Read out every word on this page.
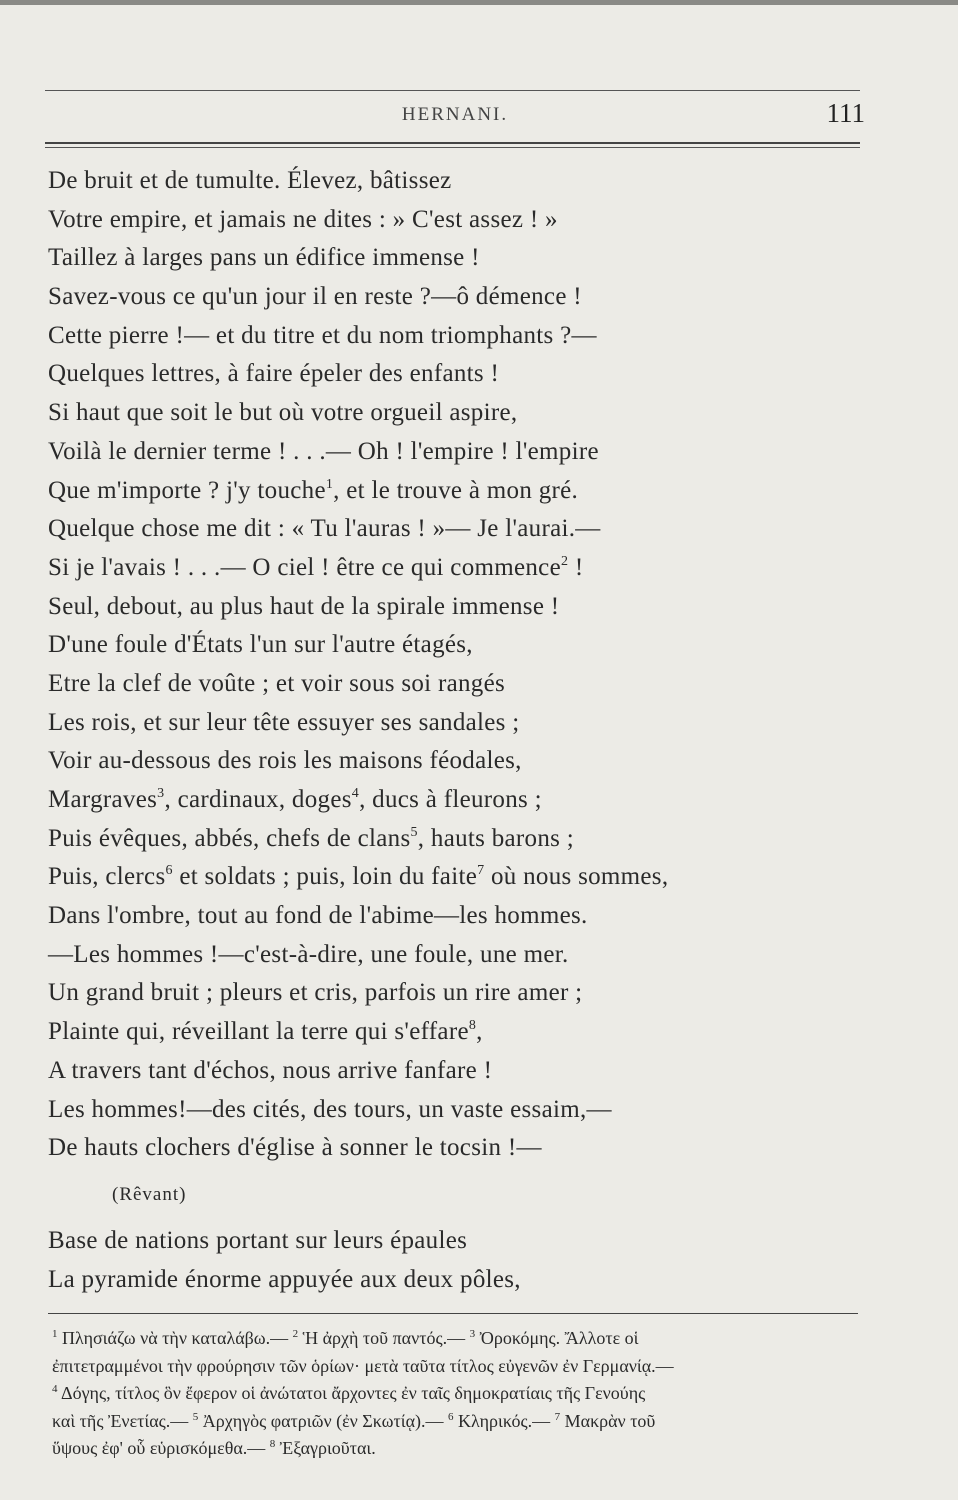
HERNANI.	111
De bruit et de tumulte. Élevez, bâtissez
Votre empire, et jamais ne dites : » C'est assez ! »
Taillez à larges pans un édifice immense !
Savez-vous ce qu'un jour il en reste ?—ô démence !
Cette pierre !— et du titre et du nom triomphants ?—
Quelques lettres, à faire épeler des enfants !
Si haut que soit le but où votre orgueil aspire,
Voilà le dernier terme ! . . .— Oh ! l'empire ! l'empire
Que m'importe ? j'y touche$^1$, et le trouve à mon gré.
Quelque chose me dit : « Tu l'auras ! »— Je l'aurai.—
Si je l'avais ! . . .— O ciel ! être ce qui commence$^2$ !
Seul, debout, au plus haut de la spirale immense !
D'une foule d'États l'un sur l'autre étagés,
Etre la clef de voûte ; et voir sous soi rangés
Les rois, et sur leur tête essuyer ses sandales ;
Voir au-dessous des rois les maisons féodales,
Margraves$^3$, cardinaux, doges$^4$, ducs à fleurons ;
Puis évêques, abbés, chefs de clans$^5$, hauts barons ;
Puis, clercs$^6$ et soldats ; puis, loin du faite$^7$ où nous sommes,
Dans l'ombre, tout au fond de l'abime—les hommes.
—Les hommes !—c'est-à-dire, une foule, une mer.
Un grand bruit ; pleurs et cris, parfois un rire amer ;
Plainte qui, réveillant la terre qui s'effare$^8$,
A travers tant d'échos, nous arrive fanfare !
Les hommes!—des cités, des tours, un vaste essaim,—
De hauts clochers d'église à sonner le tocsin !—
(Rêvant)
Base de nations portant sur leurs épaules
La pyramide énorme appuyée aux deux pôles,
$^1$ Πλησιάζω νὰ τὴν καταλάβω.— $^2$ Ἡ ἀρχὴ τοῦ παντός.— $^3$ Ὀροκόμης. Ἄλλοτε οἱ
ἐπιτετραμμένοι τὴν φρούρησιν τῶν ὁρίων· μετὰ ταῦτα τίτλος εὐγενῶν ἐν Γερμανίᾳ.—
$^4$ Δόγης, τίτλος ὃν ἔφερον οἱ ἀνώτατοι ἄρχοντες ἐν ταῖς δημοκρατίαις τῆς Γενούης
καὶ τῆς Ἐνετίας.— $^5$ Ἀρχηγὸς φατριῶν (ἐν Σκωτίᾳ).— $^6$ Κληρικός.— $^7$ Μακρὰν τοῦ
ὕψους ἐφ' οὗ εὑρισκόμεθα.— $^8$ Ἐξαγριοῦται.
